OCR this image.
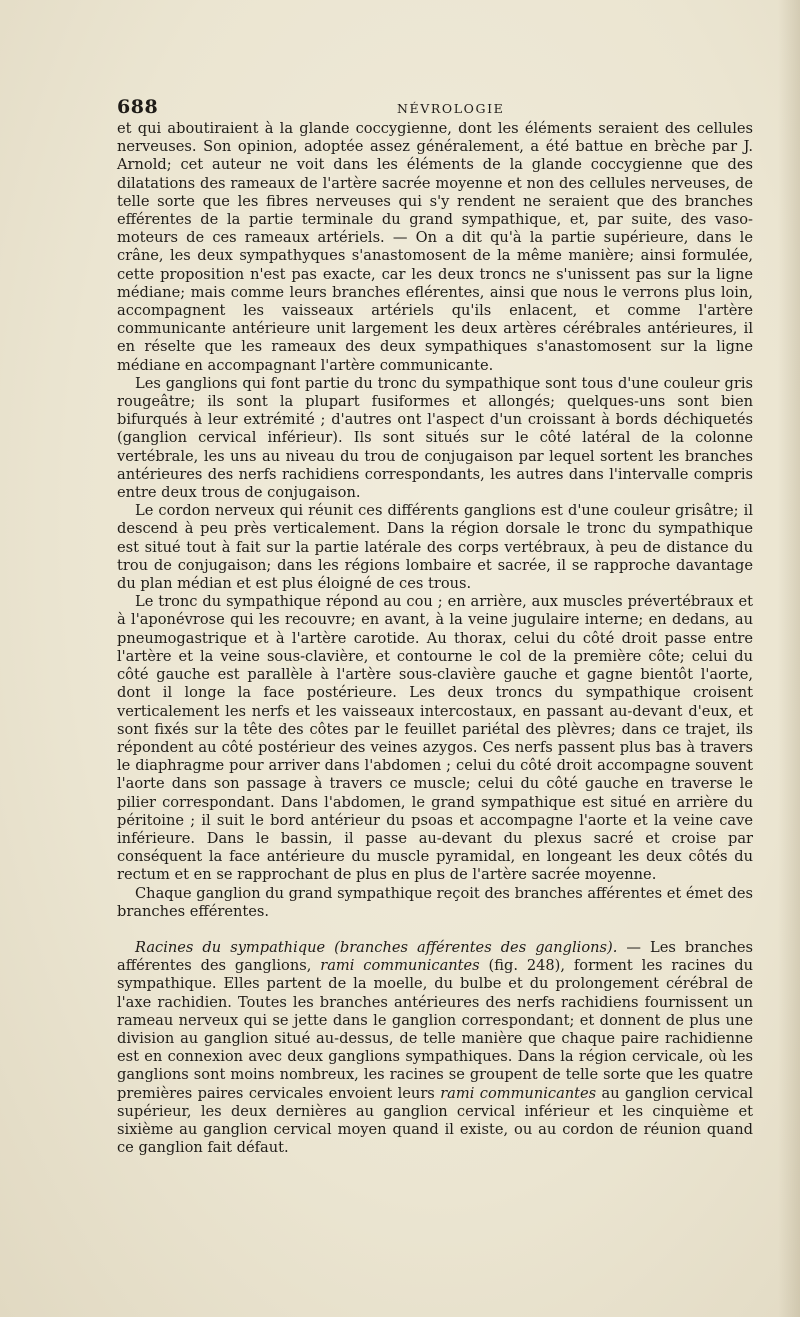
688	NÉVROLOGIE

et qui aboutiraient à la glande coccygienne, dont les éléments seraient des cellules nerveuses. Son opinion, adoptée assez généralement, a été battue en brèche par J. Arnold; cet auteur ne voit dans les éléments de la glande coccygienne que des dilatations des rameaux de l'artère sacrée moyenne et non des cellules nerveuses, de telle sorte que les fibres nerveuses qui s'y rendent ne seraient que des branches efférentes de la partie terminale du grand sympathique, et, par suite, des vaso-moteurs de ces rameaux artériels. — On a dit qu'à la partie supérieure, dans le crâne, les deux sympathyques s'anastomosent de la même manière; ainsi formulée, cette proposition n'est pas exacte, car les deux troncs ne s'unissent pas sur la ligne médiane; mais comme leurs branches eflérentes, ainsi que nous le verrons plus loin, accompagnent les vaisseaux artériels qu'ils enlacent, et comme l'artère communicante antérieure unit largement les deux artères cérébrales antérieures, il en réselte que les rameaux des deux sympathiques s'anastomosent sur la ligne médiane en accompagnant l'artère communicante.

Les ganglions qui font partie du tronc du sympathique sont tous d'une couleur gris rougeâtre; ils sont la plupart fusiformes et allongés; quelques-uns sont bien bifurqués à leur extrémité ; d'autres ont l'aspect d'un croissant à bords déchiquetés (ganglion cervical inférieur). Ils sont situés sur le côté latéral de la colonne vertébrale, les uns au niveau du trou de conjugaison par lequel sortent les branches antérieures des nerfs rachidiens correspondants, les autres dans l'intervalle compris entre deux trous de conjugaison.

Le cordon nerveux qui réunit ces différents ganglions est d'une couleur grisâtre; il descend à peu près verticalement. Dans la région dorsale le tronc du sympathique est situé tout à fait sur la partie latérale des corps vertébraux, à peu de distance du trou de conjugaison; dans les régions lombaire et sacrée, il se rapproche davantage du plan médian et est plus éloigné de ces trous.

Le tronc du sympathique répond au cou ; en arrière, aux muscles prévertébraux et à l'aponévrose qui les recouvre; en avant, à la veine jugulaire interne; en dedans, au pneumogastrique et à l'artère carotide. Au thorax, celui du côté droit passe entre l'artère et la veine sous-clavière, et contourne le col de la première côte; celui du côté gauche est parallèle à l'artère sous-clavière gauche et gagne bientôt l'aorte, dont il longe la face postérieure. Les deux troncs du sympathique croisent verticalement les nerfs et les vaisseaux intercostaux, en passant au-devant d'eux, et sont fixés sur la tête des côtes par le feuillet pariétal des plèvres; dans ce trajet, ils répondent au côté postérieur des veines azygos. Ces nerfs passent plus bas à travers le diaphragme pour arriver dans l'abdomen ; celui du côté droit accompagne souvent l'aorte dans son passage à travers ce muscle; celui du côté gauche en traverse le pilier correspondant. Dans l'abdomen, le grand sympathique est situé en arrière du péritoine ; il suit le bord antérieur du psoas et accompagne l'aorte et la veine cave inférieure. Dans le bassin, il passe au-devant du plexus sacré et croise par conséquent la face antérieure du muscle pyramidal, en longeant les deux côtés du rectum et en se rapprochant de plus en plus de l'artère sacrée moyenne.

Chaque ganglion du grand sympathique reçoit des branches afférentes et émet des branches efférentes.

Racines du sympathique (branches afférentes des ganglions). — Les branches afférentes des ganglions, rami communicantes (fig. 248), forment les racines du sympathique. Elles partent de la moelle, du bulbe et du prolongement cérébral de l'axe rachidien. Toutes les branches antérieures des nerfs rachidiens fournissent un rameau nerveux qui se jette dans le ganglion correspondant; et donnent de plus une division au ganglion situé au-dessus, de telle manière que chaque paire rachidienne est en connexion avec deux ganglions sympathiques. Dans la région cervicale, où les ganglions sont moins nombreux, les racines se groupent de telle sorte que les quatre premières paires cervicales envoient leurs rami communicantes au ganglion cervical supérieur, les deux dernières au ganglion cervical inférieur et les cinquième et sixième au ganglion cervical moyen quand il existe, ou au cordon de réunion quand ce ganglion fait défaut.
